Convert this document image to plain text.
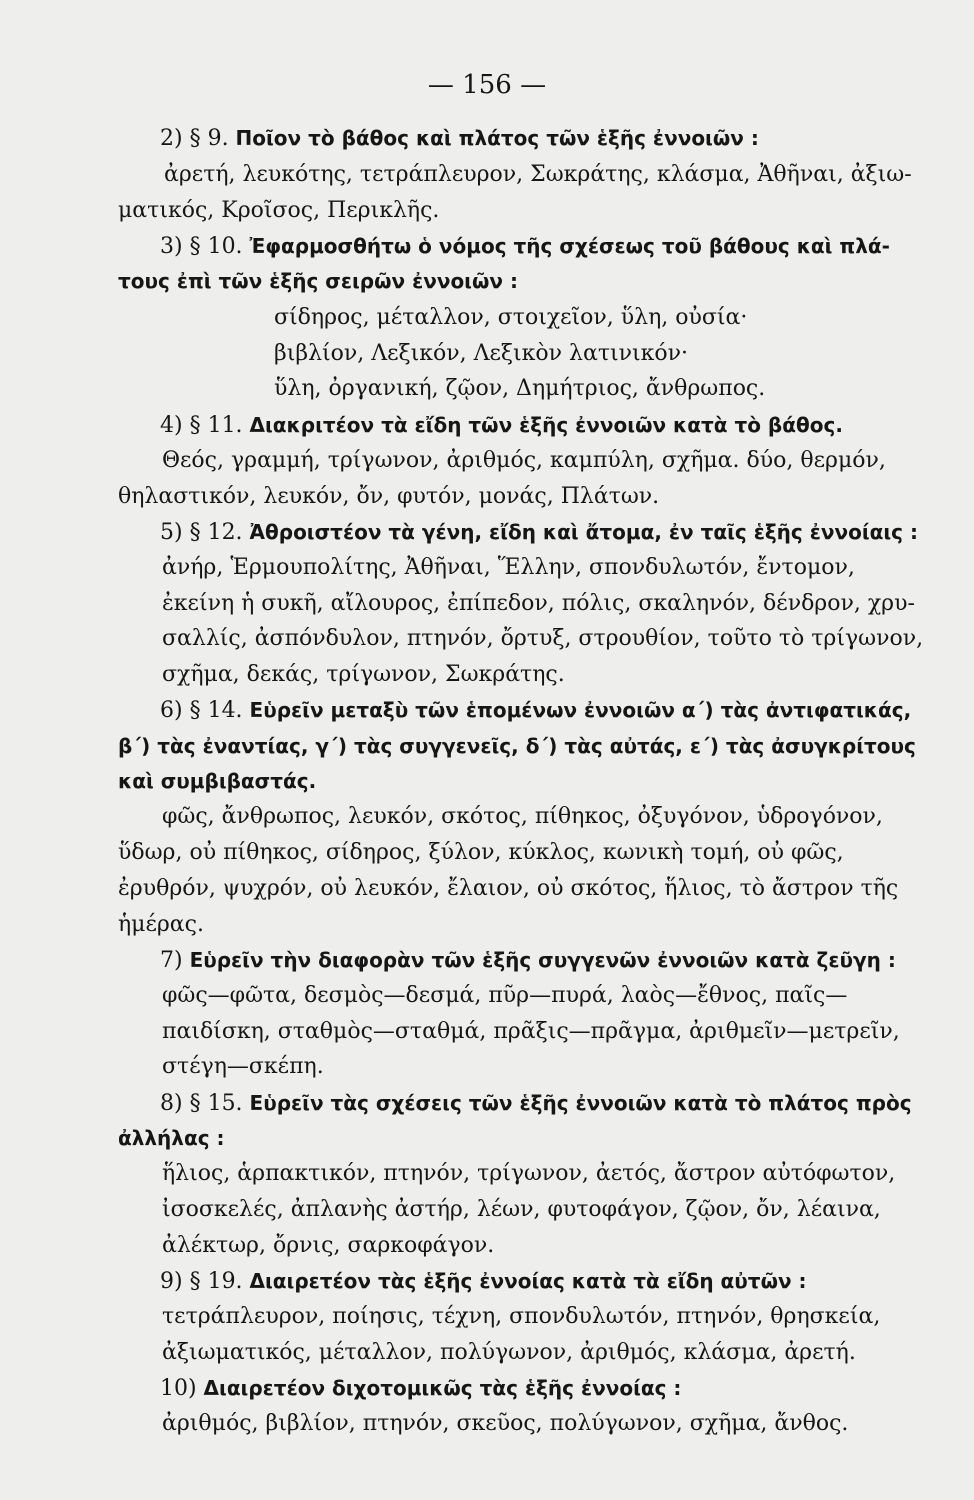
— 156 —
2) § 9. Ποῖον τὸ βάθος καὶ πλάτος τῶν ἑξῆς ἐννοιῶν :
ἀρετή, λευκότης, τετράπλευρον, Σωκράτης, κλάσμα, Ἀθῆναι, ἀξιω-
ματικός, Κροῖσος, Περικλῆς.
3) § 10. Ἐφαρμοσθήτω ὁ νόμος τῆς σχέσεως τοῦ βάθους καὶ πλά-
τους ἐπὶ τῶν ἑξῆς σειρῶν ἐννοιῶν :
σίδηρος, μέταλλον, στοιχεῖον, ὕλη, οὐσία·
βιβλίον, Λεξικόν, Λεξικὸν λατινικόν·
ὕλη, ὀργανική, ζῷον, Δημήτριος, ἄνθρωπος.
4) § 11. Διακριτέον τὰ εἴδη τῶν ἑξῆς ἐννοιῶν κατὰ τὸ βάθος.
Θεός, γραμμή, τρίγωνον, ἀριθμός, καμπύλη, σχῆμα. δύο, θερμόν,
θηλαστικόν, λευκόν, ὄν, φυτόν, μονάς, Πλάτων.
5) § 12. Ἀθροιστέον τὰ γένη, εἴδη καὶ ἄτομα, ἐν ταῖς ἑξῆς ἐννοίαις :
ἀνήρ, Ἑρμουπολίτης, Ἀθῆναι, Ἕλλην, σπονδυλωτόν, ἔντομον,
ἐκείνη ἡ συκῆ, αἴλουρος, ἐπίπεδον, πόλις, σκαληνόν, δένδρον, χρυ-
σαλλίς, ἀσπόνδυλον, πτηνόν, ὄρτυξ, στρουθίον, τοῦτο τὸ τρίγωνον,
σχῆμα, δεκάς, τρίγωνον, Σωκράτης.
6) § 14. Εὑρεῖν μεταξὺ τῶν ἑπομένων ἐννοιῶν α΄) τὰς ἀντιφατικάς,
β΄) τὰς ἐναντίας, γ΄) τὰς συγγενεῖς, δ΄) τὰς αὐτάς, ε΄) τὰς ἀσυγκρίτους
καὶ συμβιβαστάς.
φῶς, ἄνθρωπος, λευκόν, σκότος, πίθηκος, ὀξυγόνον, ὑδρογόνον,
ὕδωρ, οὐ πίθηκος, σίδηρος, ξύλον, κύκλος, κωνικὴ τομή, οὐ φῶς,
ἐρυθρόν, ψυχρόν, οὐ λευκόν, ἔλαιον, οὐ σκότος, ἥλιος, τὸ ἄστρον τῆς
ἡμέρας.
7) Εὑρεῖν τὴν διαφορὰν τῶν ἑξῆς συγγενῶν ἐννοιῶν κατὰ ζεῦγη :
φῶς—φῶτα, δεσμὸς—δεσμά, πῦρ—πυρά, λαὸς—ἔθνος, παῖς—
παιδίσκη, σταθμὸς—σταθμά, πρᾶξις—πρᾶγμα, ἀριθμεῖν—μετρεῖν,
στέγη—σκέπη.
8) § 15. Εὑρεῖν τὰς σχέσεις τῶν ἑξῆς ἐννοιῶν κατὰ τὸ πλάτος πρὸς
ἀλλήλας :
ἥλιος, ἁρπακτικόν, πτηνόν, τρίγωνον, ἀετός, ἄστρον αὐτόφωτον,
ἰσοσκελές, ἀπλανὴς ἀστήρ, λέων, φυτοφάγον, ζῷον, ὄν, λέαινα,
ἀλέκτωρ, ὄρνις, σαρκοφάγον.
9) § 19. Διαιρετέον τὰς ἑξῆς ἐννοίας κατὰ τὰ εἴδη αὐτῶν :
τετράπλευρον, ποίησις, τέχνη, σπονδυλωτόν, πτηνόν, θρησκεία,
ἀξιωματικός, μέταλλον, πολύγωνον, ἀριθμός, κλάσμα, ἀρετή.
10) Διαιρετέον διχοτομικῶς τὰς ἑξῆς ἐννοίας :
ἀριθμός, βιβλίον, πτηνόν, σκεῦος, πολύγωνον, σχῆμα, ἄνθος.
